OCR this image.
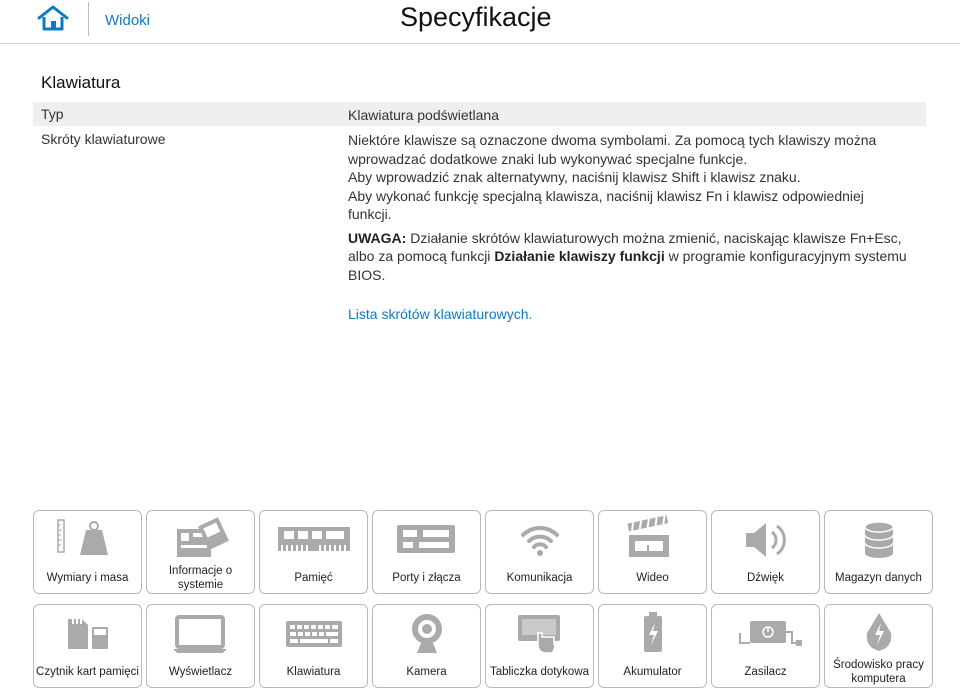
Widoki	Specyfikacje
Klawiatura
Typ	Klawiatura podświetlana
Skróty klawiaturowe	Niektóre klawisze są oznaczone dwoma symbolami. Za pomocą tych klawiszy można wprowadzać dodatkowe znaki lub wykonywać specjalne funkcje.

Aby wprowadzić znak alternatywny, naciśnij klawisz Shift i klawisz znaku.

Aby wykonać funkcję specjalną klawisza, naciśnij klawisz Fn i klawisz odpowiedniej funkcji.

UWAGA: Działanie skrótów klawiaturowych można zmienić, naciskając klawisze Fn+Esc, albo za pomocą funkcji Działanie klawiszy funkcji w programie konfiguracyjnym systemu BIOS.

Lista skrótów klawiaturowych.
Wymiary i masa
Informacje o systemie
Pamięć	Porty i złącza	Komunikacja	Wideo	Dźwięk	Magazyn danych
Czytnik kart pamięci	Wyświetlacz	Klawiatura	Kamera	Tabliczka dotykowa	Akumulator	Zasilacz
Środowisko pracy komputera
